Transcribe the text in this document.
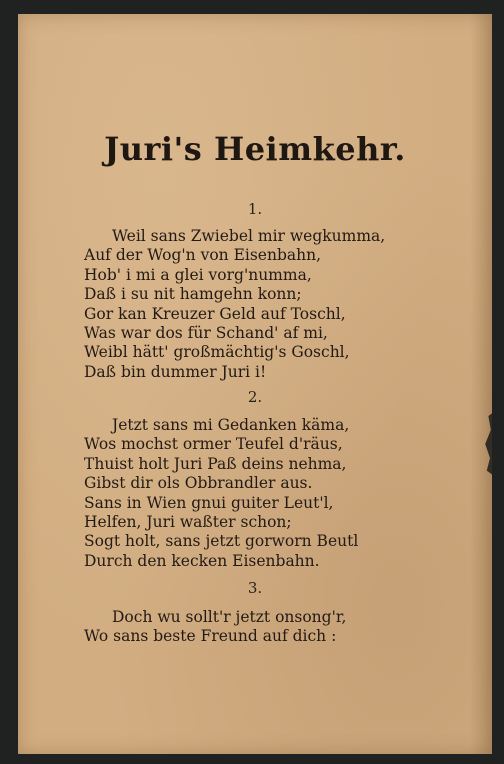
Juri's Heimkehr.
1.
Weil sans Zwiebel mir wegkumma,
Auf der Wog'n von Eisenbahn,
Hob' i mi a glei vorg'numma,
Daß i su nit hamgehn konn;
Gor kan Kreuzer Geld auf Toschl,
Was war dos für Schand' af mi,
Weibl hätt' großmächtig's Goschl,
Daß bin dummer Juri i!
2.
Jetzt sans mi Gedanken käma,
Wos mochst ormer Teufel d'räus,
Thuist holt Juri Paß deins nehma,
Gibst dir ols Obbrandler aus.
Sans in Wien gnui guiter Leut'l,
Helfen, Juri waßter schon;
Sogt holt, sans jetzt gorworn Beutl
Durch den kecken Eisenbahn.
3.
Doch wu sollt'r jetzt onsong'r,
Wo sans beste Freund auf dich :
